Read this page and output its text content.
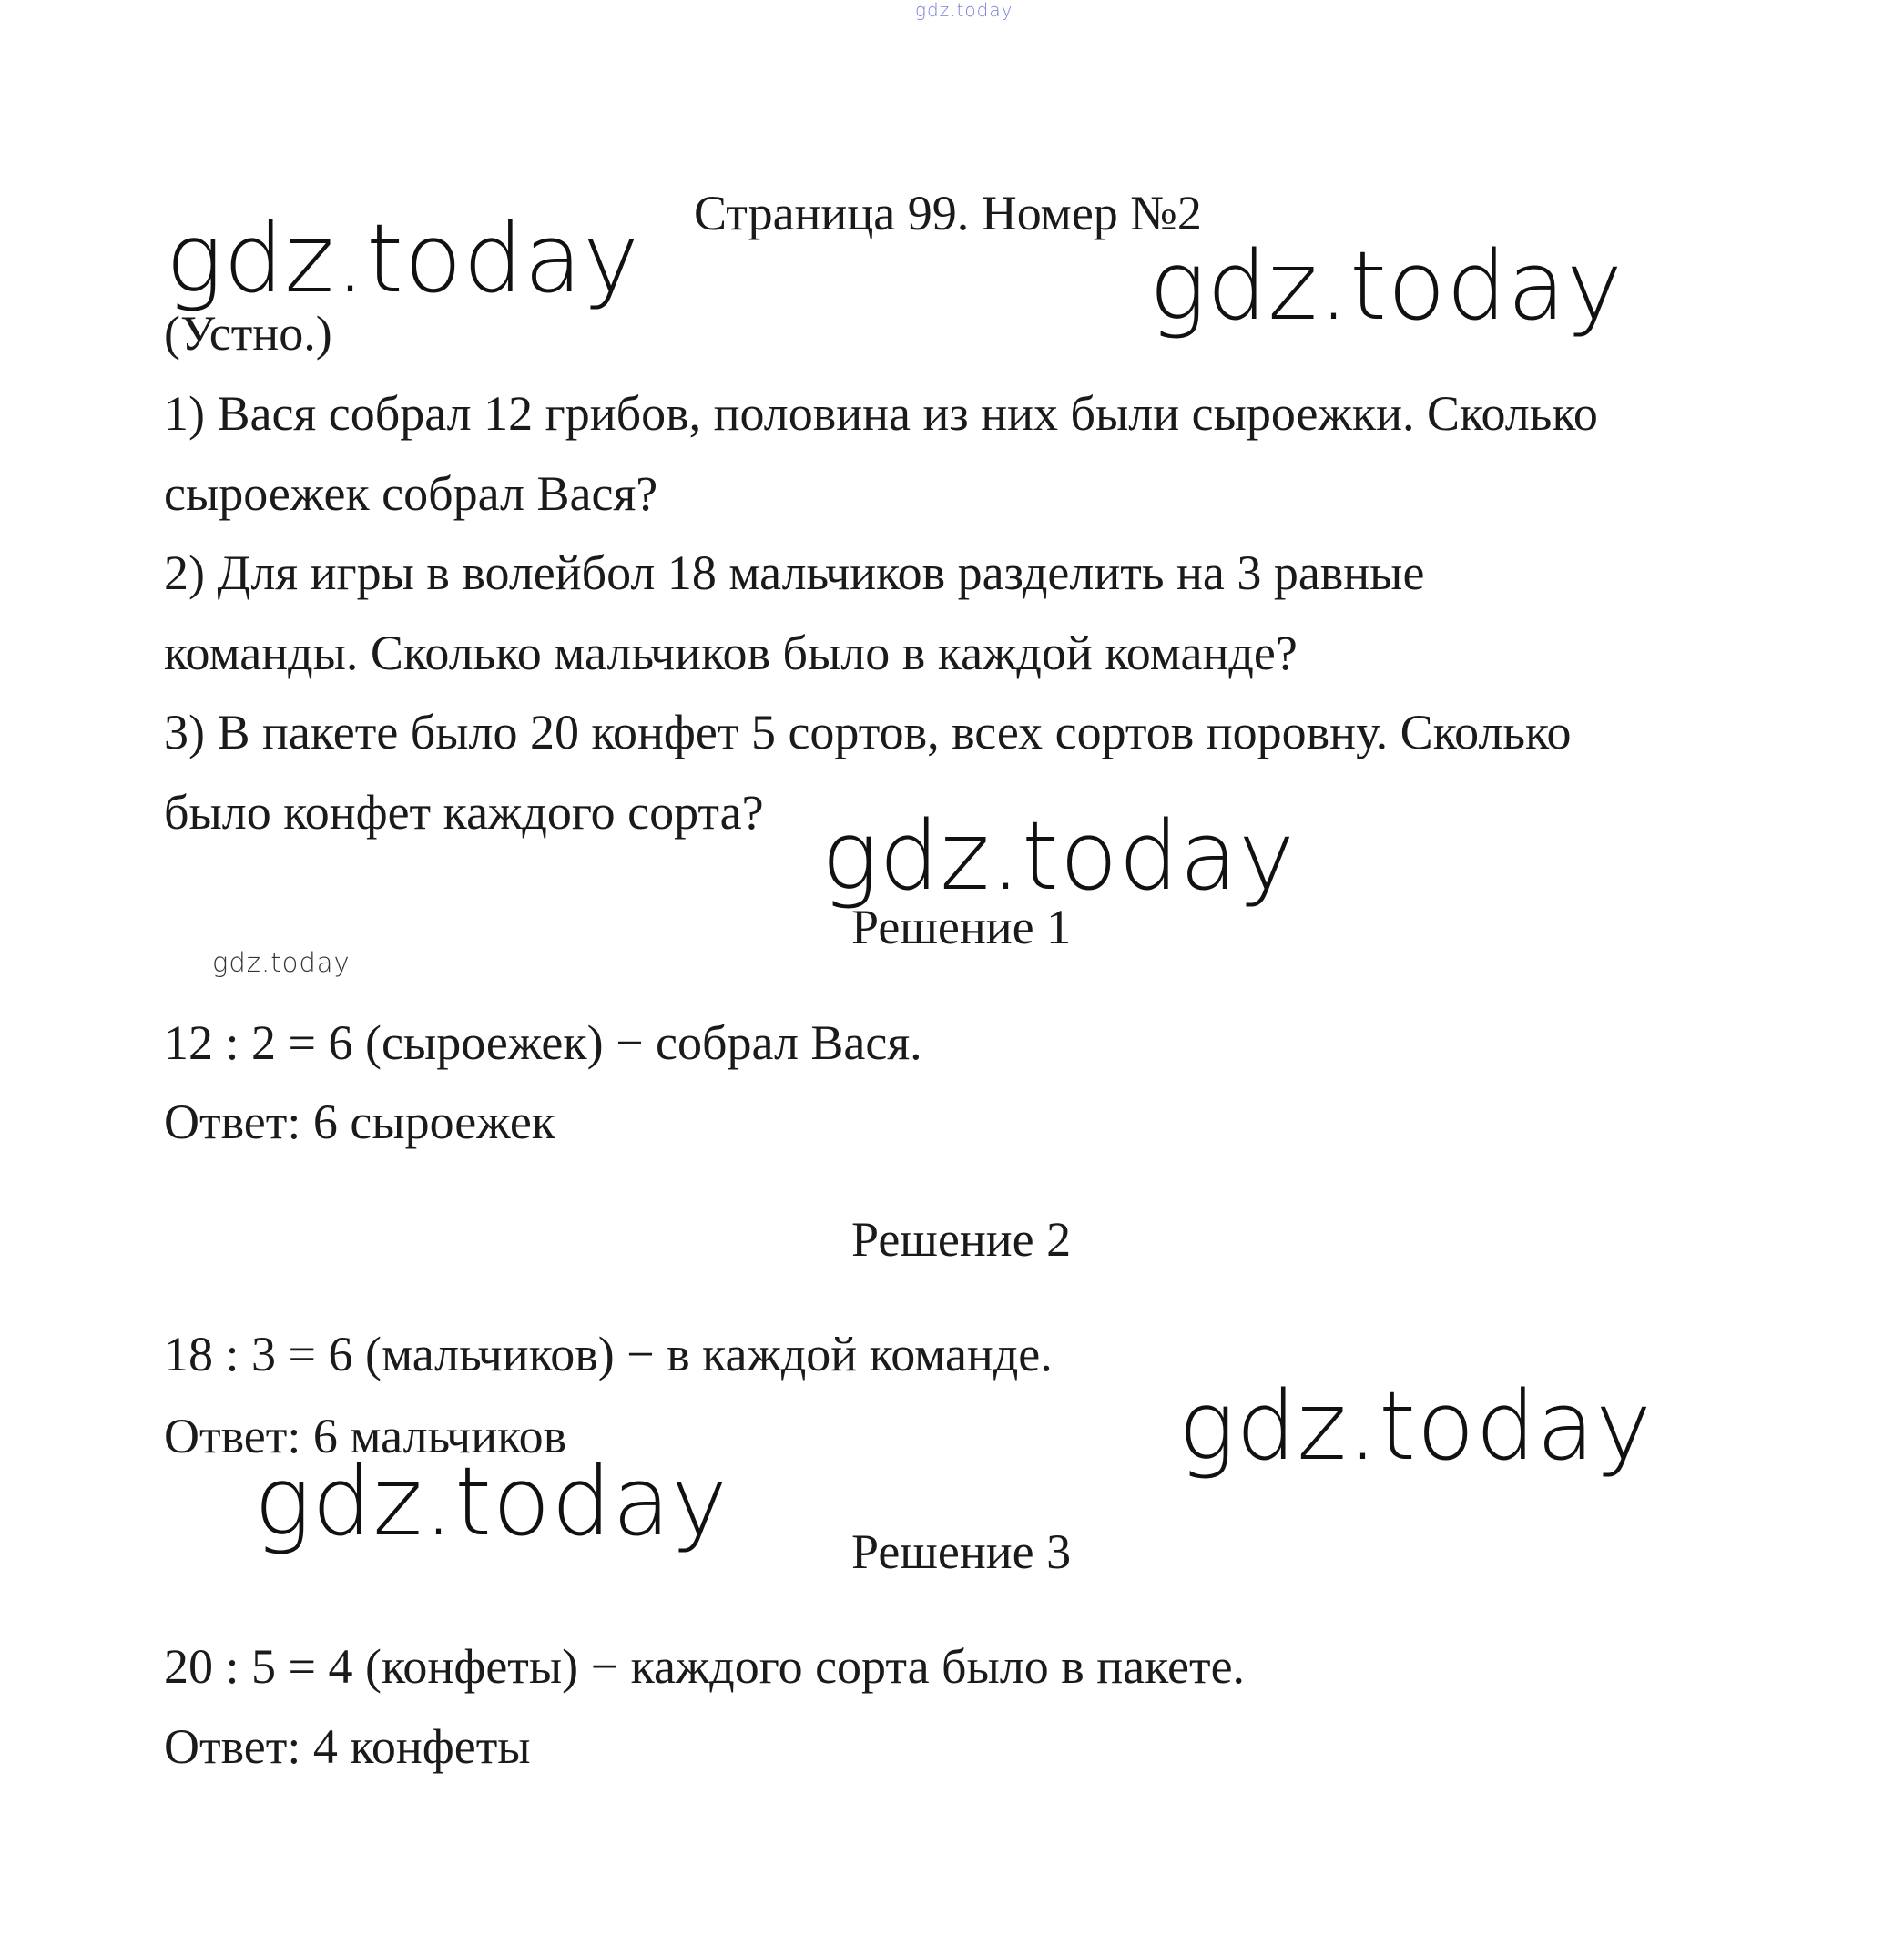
gdz.today
Страница 99. Номер №2
gdz.today	gdz.today
(Устно.)
1) Вася собрал 12 грибов, половина из них были сыроежки. Сколько
сыроежек собрал Вася?
2) Для игры в волейбол 18 мальчиков разделить на 3 равные
команды. Сколько мальчиков было в каждой команде?
3) В пакете было 20 конфет 5 сортов, всех сортов поровну. Сколько
было конфет каждого сорта? gdz.today
Решение 1
gdz.today
12 : 2 = 6 (сыроежек) − собрал Вася.
Ответ: 6 сыроежек
Решение 2
18 : 3 = 6 (мальчиков) − в каждой команде.
gdz.today
Ответ: 6 мальчиков
gdz.today	Решение 3
20 : 5 = 4 (конфеты) − каждого сорта было в пакете.
Ответ: 4 конфеты
